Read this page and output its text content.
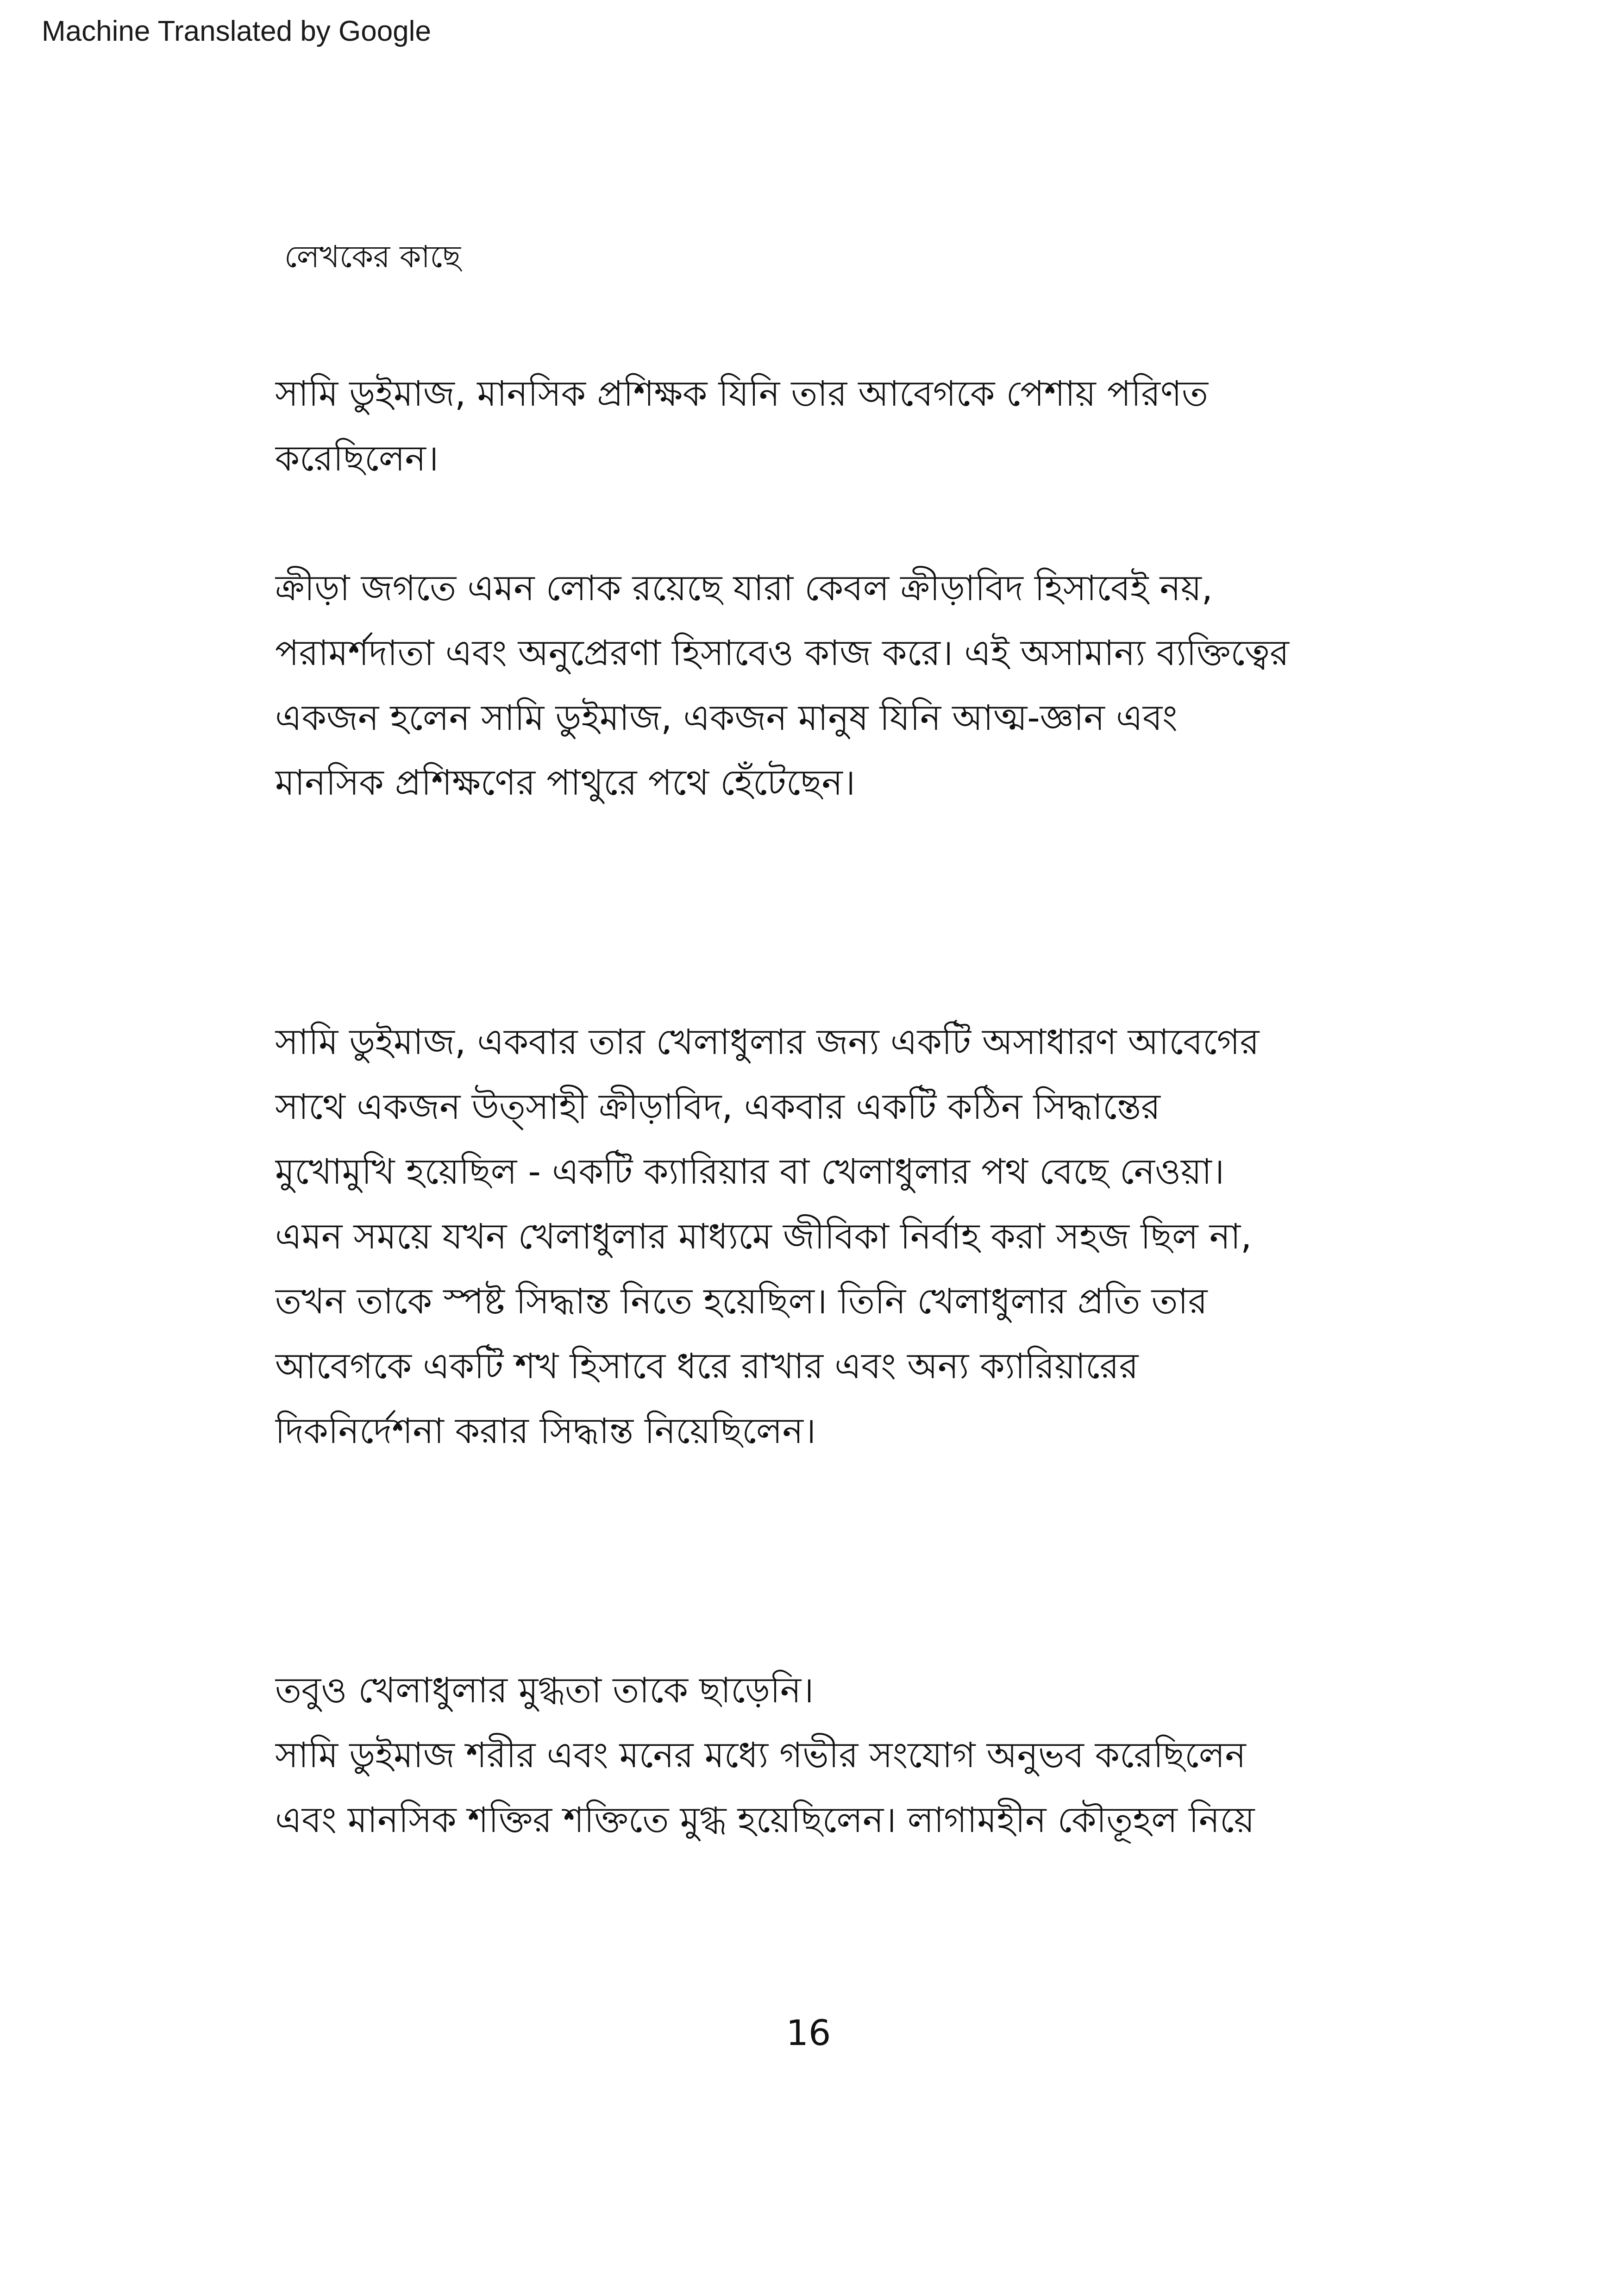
Machine Translated by Google
লেখকের কাছে
সামি ডুইমাজ, মানসিক প্রশিক্ষক যিনি তার আবেগকে পেশায় পরিণত
করেছিলেন।
ক্রীড়া জগতে এমন লোক রয়েছে যারা কেবল ক্রীড়াবিদ হিসাবেই নয়,
পরামর্শদাতা এবং অনুপ্রেরণা হিসাবেও কাজ করে। এই অসামান্য ব্যক্তিত্বের
একজন হলেন সামি ডুইমাজ, একজন মানুষ যিনি আত্ম-জ্ঞান এবং
মানসিক প্রশিক্ষণের পাথুরে পথে হেঁটেছেন।
সামি ডুইমাজ, একবার তার খেলাধুলার জন্য একটি অসাধারণ আবেগের
সাথে একজন উত্সাহী ক্রীড়াবিদ, একবার একটি কঠিন সিদ্ধান্তের
মুখোমুখি হয়েছিল - একটি ক্যারিয়ার বা খেলাধুলার পথ বেছে নেওয়া।
এমন সময়ে যখন খেলাধুলার মাধ্যমে জীবিকা নির্বাহ করা সহজ ছিল না,
তখন তাকে স্পষ্ট সিদ্ধান্ত নিতে হয়েছিল। তিনি খেলাধুলার প্রতি তার
আবেগকে একটি শখ হিসাবে ধরে রাখার এবং অন্য ক্যারিয়ারের
দিকনির্দেশনা করার সিদ্ধান্ত নিয়েছিলেন।
তবুও খেলাধুলার মুগ্ধতা তাকে ছাড়েনি।
সামি ডুইমাজ শরীর এবং মনের মধ্যে গভীর সংযোগ অনুভব করেছিলেন
এবং মানসিক শক্তির শক্তিতে মুগ্ধ হয়েছিলেন। লাগামহীন কৌতূহল নিয়ে
16
